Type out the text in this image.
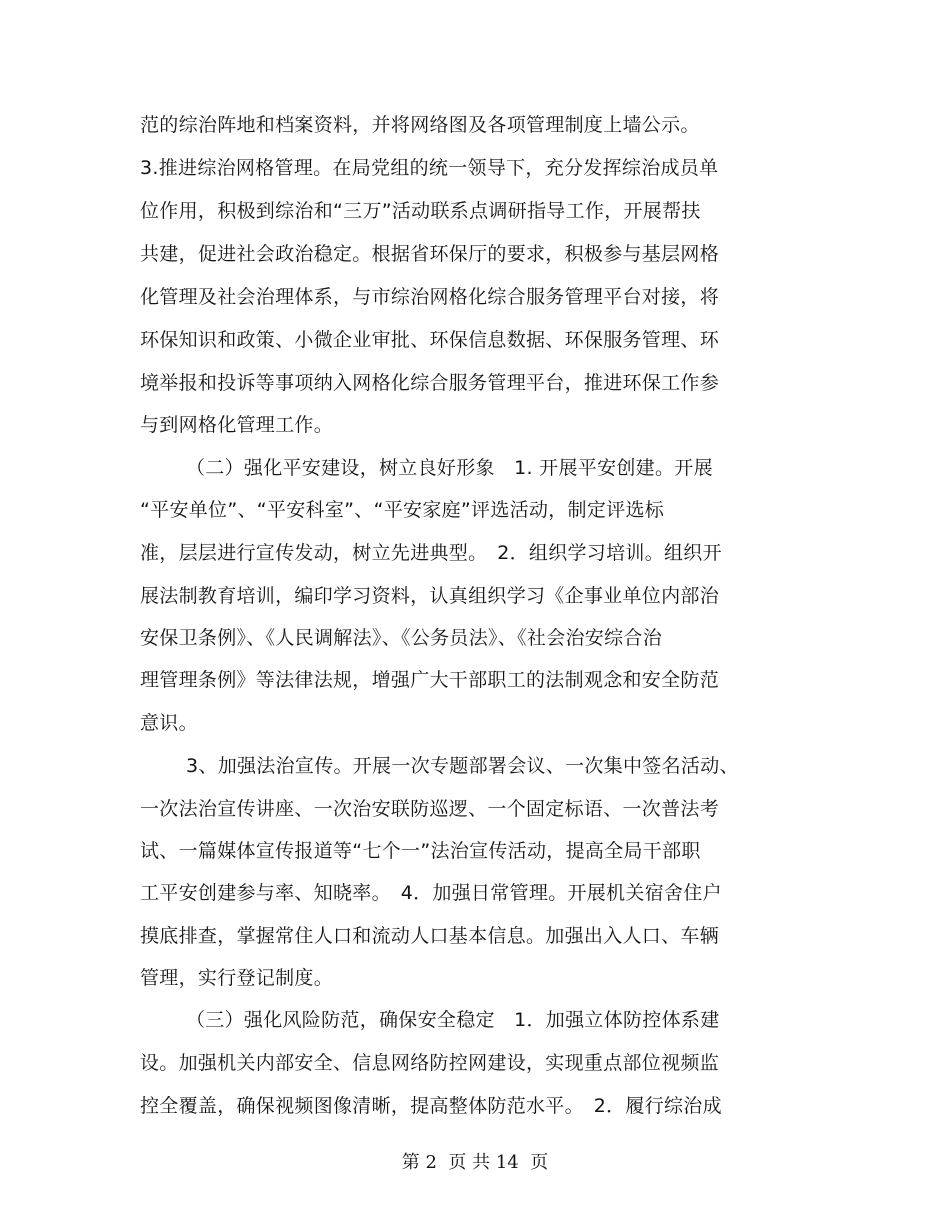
范的综治阵地和档案资料，并将网络图及各项管理制度上墙公示。
3.推进综治网格管理。在局党组的统一领导下，充分发挥综治成员单
位作用，积极到综治和“三万”活动联系点调研指导工作，开展帮扶
共建，促进社会政治稳定。根据省环保厅的要求，积极参与基层网格
化管理及社会治理体系，与市综治网格化综合服务管理平台对接，将
环保知识和政策、小微企业审批、环保信息数据、环保服务管理、环
境举报和投诉等事项纳入网格化综合服务管理平台，推进环保工作参
与到网格化管理工作。
（二）强化平安建设，树立良好形象　1. 开展平安创建。开展
“平安单位”、“平安科室”、“平安家庭”评选活动，制定评选标
准，层层进行宣传发动，树立先进典型。　2．组织学习培训。组织开
展法制教育培训，编印学习资料，认真组织学习《企事业单位内部治
安保卫条例》、《人民调解法》、《公务员法》、《社会治安综合治
理管理条例》等法律法规，增强广大干部职工的法制观念和安全防范
意识。
3、加强法治宣传。开展一次专题部署会议、一次集中签名活动、
一次法治宣传讲座、一次治安联防巡逻、一个固定标语、一次普法考
试、一篇媒体宣传报道等“七个一”法治宣传活动，提高全局干部职
工平安创建参与率、知晓率。　4．加强日常管理。开展机关宿舍住户
摸底排查，掌握常住人口和流动人口基本信息。加强出入人口、车辆
管理，实行登记制度。
（三）强化风险防范，确保安全稳定　1．加强立体防控体系建
设。加强机关内部安全、信息网络防控网建设，实现重点部位视频监
控全覆盖，确保视频图像清晰，提高整体防范水平。　2．履行综治成
第 2  页 共 14  页
